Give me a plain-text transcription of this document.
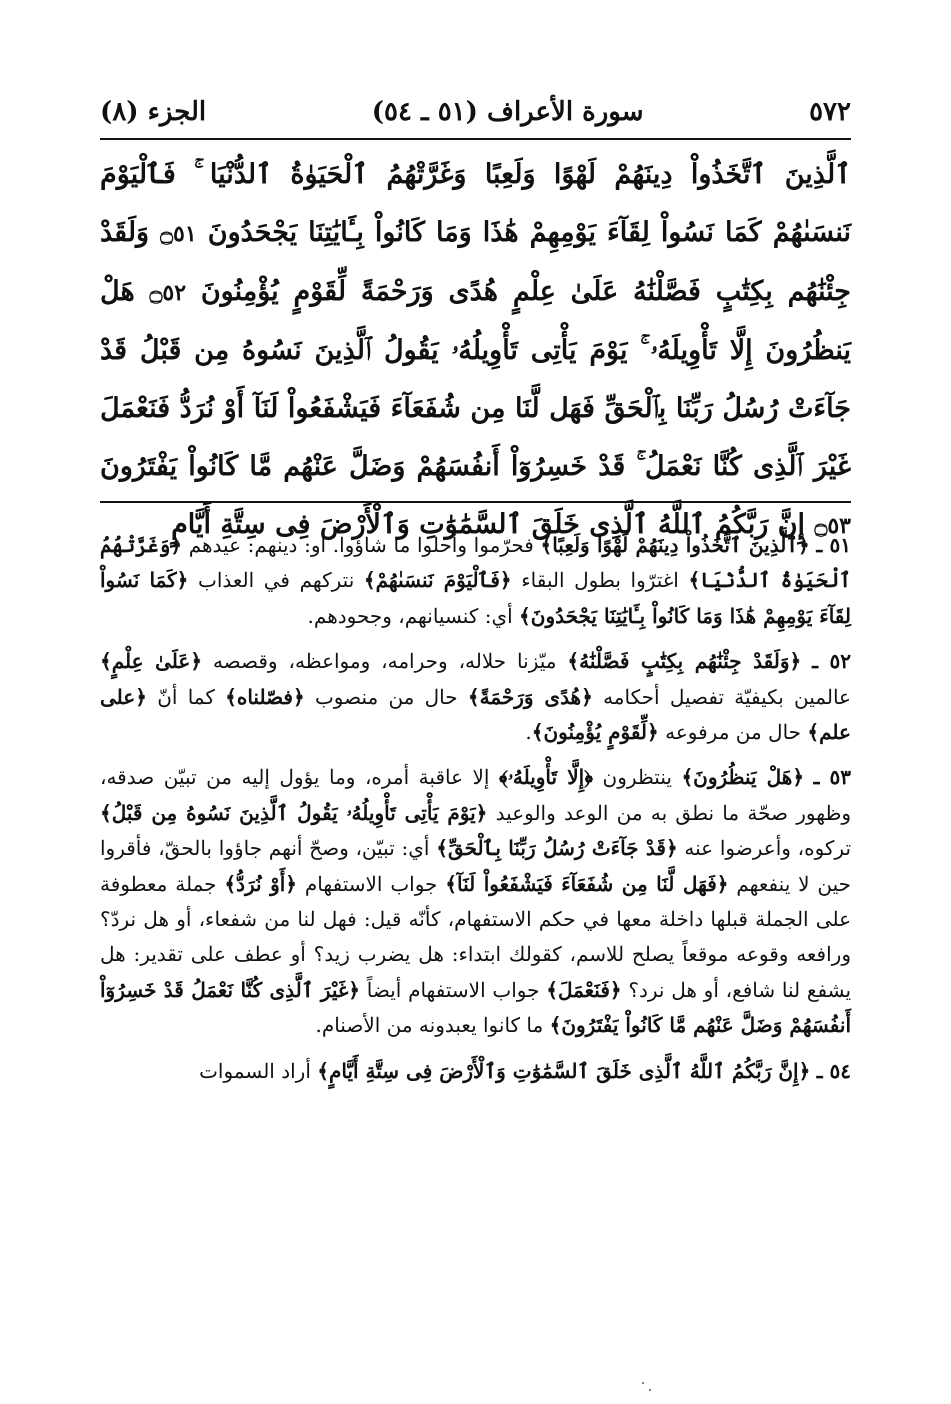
٥٧٢
سورة الأعراف (٥١ ـ ٥٤)
الجزء (٨)
ٱلَّذِينَ ٱتَّخَذُواْ دِينَهُمْ لَهْوًا وَلَعِبًا وَغَرَّتْهُمُ ٱلْحَيَوٰةُ ٱلدُّنْيَا ۚ فَٱلْيَوْمَ نَنسَىٰهُمْ كَمَا نَسُواْ لِقَآءَ يَوْمِهِمْ هَٰذَا وَمَا كَانُواْ بِـَٔايَٰتِنَا يَجْحَدُونَ ۝٥١ وَلَقَدْ جِئْنَٰهُم بِكِتَٰبٍ فَصَّلْنَٰهُ عَلَىٰ عِلْمٍ هُدًى وَرَحْمَةً لِّقَوْمٍ يُؤْمِنُونَ ۝٥٢ هَلْ يَنظُرُونَ إِلَّا تَأْوِيلَهُۥ ۚ يَوْمَ يَأْتِى تَأْوِيلُهُۥ يَقُولُ ٱلَّذِينَ نَسُوهُ مِن قَبْلُ قَدْ جَآءَتْ رُسُلُ رَبِّنَا بِٱلْحَقِّ فَهَل لَّنَا مِن شُفَعَآءَ فَيَشْفَعُواْ لَنَآ أَوْ نُرَدُّ فَنَعْمَلَ غَيْرَ ٱلَّذِى كُنَّا نَعْمَلُ ۚ قَدْ خَسِرُوٓاْ أَنفُسَهُمْ وَضَلَّ عَنْهُم مَّا كَانُواْ يَفْتَرُونَ ۝٥٣ إِنَّ رَبَّكُمُ ٱللَّهُ ٱلَّذِى خَلَقَ ٱلسَّمَٰوَٰتِ وَٱلْأَرْضَ فِى سِتَّةِ أَيَّامٍ

٥١ ـ ﴿ٱلَّذِينَ ٱتَّخَذُواْ دِينَهُمْ لَهْوًا وَلَعِبًا﴾ فحرّموا وأحلوا ما شاؤوا. أو: دينهم: عيدهم ﴿وَغَرَّتْهُمُ ٱلْحَيَوٰةُ ٱلدُّنْيَا﴾ اغترّوا بطول البقاء ﴿فَٱلْيَوْمَ نَنسَىٰهُمْ﴾ نتركهم في العذاب ﴿كَمَا نَسُواْ لِقَآءَ يَوْمِهِمْ هَٰذَا وَمَا كَانُواْ بِـَٔايَٰتِنَا يَجْحَدُونَ﴾ أي: كنسيانهم، وجحودهم.

٥٢ ـ ﴿وَلَقَدْ جِئْنَٰهُم بِكِتَٰبٍ فَصَّلْنَٰهُ﴾ ميّزنا حلاله، وحرامه، ومواعظه، وقصصه ﴿عَلَىٰ عِلْمٍ﴾ عالمين بكيفيّة تفصيل أحكامه ﴿هُدًى وَرَحْمَةً﴾ حال من منصوب ﴿فصّلناه﴾ كما أنّ ﴿على علم﴾ حال من مرفوعه ﴿لِّقَوْمٍ يُؤْمِنُونَ﴾.

٥٣ ـ ﴿هَلْ يَنظُرُونَ﴾ ينتظرون ﴿إِلَّا تَأْوِيلَهُۥ﴾ إلا عاقبة أمره، وما يؤول إليه من تبيّن صدقه، وظهور صحّة ما نطق به من الوعد والوعيد ﴿يَوْمَ يَأْتِى تَأْوِيلُهُۥ يَقُولُ ٱلَّذِينَ نَسُوهُ مِن قَبْلُ﴾ تركوه، وأعرضوا عنه ﴿قَدْ جَآءَتْ رُسُلُ رَبِّنَا بِٱلْحَقِّ﴾ أي: تبيّن، وصحّ أنهم جاؤوا بالحقّ، فأقروا حين لا ينفعهم ﴿فَهَل لَّنَا مِن شُفَعَآءَ فَيَشْفَعُواْ لَنَآ﴾ جواب الاستفهام ﴿أَوْ نُرَدُّ﴾ جملة معطوفة على الجملة قبلها داخلة معها في حكم الاستفهام، كأنّه قيل: فهل لنا من شفعاء، أو هل نردّ؟ ورافعه وقوعه موقعاً يصلح للاسم، كقولك ابتداء: هل يضرب زيد؟ أو عطف على تقدير: هل يشفع لنا شافع، أو هل نرد؟ ﴿فَنَعْمَلَ﴾ جواب الاستفهام أيضاً ﴿غَيْرَ ٱلَّذِى كُنَّا نَعْمَلُ قَدْ خَسِرُوٓاْ أَنفُسَهُمْ وَضَلَّ عَنْهُم مَّا كَانُواْ يَفْتَرُونَ﴾ ما كانوا يعبدونه من الأصنام.

٥٤ ـ ﴿إِنَّ رَبَّكُمُ ٱللَّهُ ٱلَّذِى خَلَقَ ٱلسَّمَٰوَٰتِ وَٱلْأَرْضَ فِى سِتَّةِ أَيَّامٍ﴾ أراد السموات
